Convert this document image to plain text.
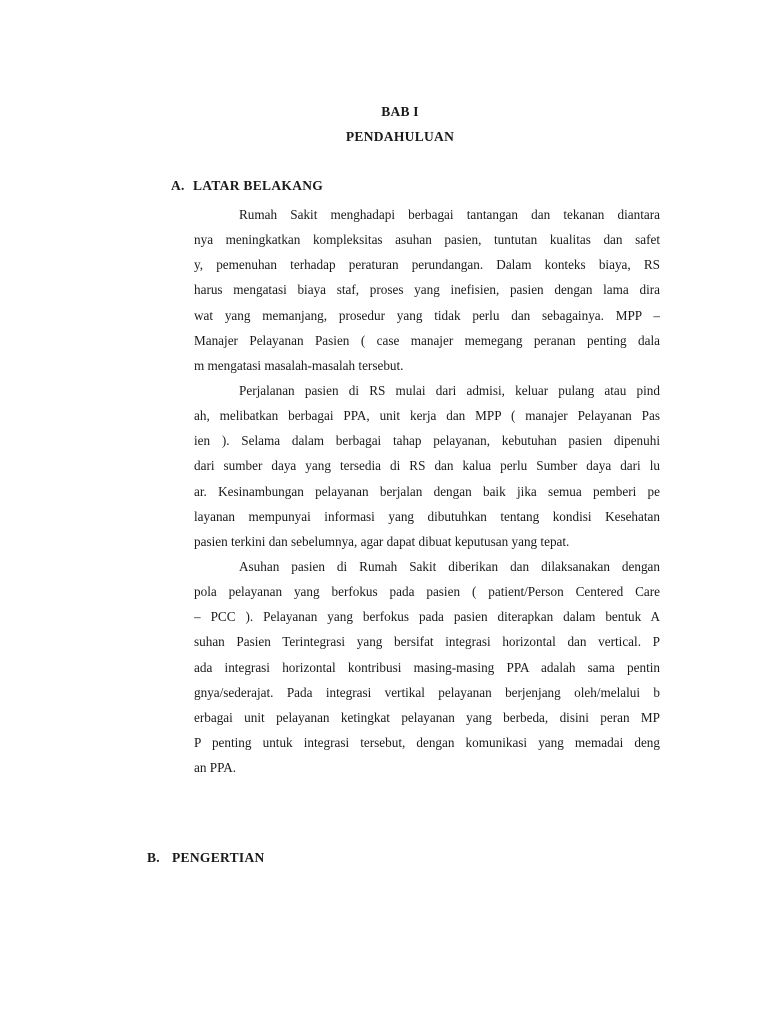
BAB I
PENDAHULUAN
A. LATAR BELAKANG
Rumah Sakit menghadapi berbagai tantangan dan tekanan diantara
nya meningkatkan kompleksitas asuhan pasien, tuntutan kualitas dan safet
y, pemenuhan terhadap peraturan perundangan. Dalam konteks biaya, RS
harus mengatasi biaya staf, proses yang inefisien, pasien dengan lama dira
wat yang memanjang, prosedur yang tidak perlu dan sebagainya. MPP –
Manajer Pelayanan Pasien ( case manajer memegang peranan penting dala
m mengatasi masalah-masalah tersebut.
Perjalanan pasien di RS mulai dari admisi, keluar pulang atau pind
ah, melibatkan berbagai PPA, unit kerja dan MPP ( manajer Pelayanan Pas
ien ). Selama dalam berbagai tahap pelayanan, kebutuhan pasien dipenuhi
dari sumber daya yang tersedia di RS dan kalua perlu Sumber daya dari lu
ar. Kesinambungan pelayanan berjalan dengan baik jika semua pemberi pe
layanan mempunyai informasi yang dibutuhkan tentang kondisi Kesehatan
pasien terkini dan sebelumnya, agar dapat dibuat keputusan yang tepat.
Asuhan pasien di Rumah Sakit diberikan dan dilaksanakan dengan
pola pelayanan yang berfokus pada pasien ( patient/Person Centered Care
– PCC ). Pelayanan yang berfokus pada pasien diterapkan dalam bentuk A
suhan Pasien Terintegrasi yang bersifat integrasi horizontal dan vertical. P
ada integrasi horizontal kontribusi masing-masing PPA adalah sama pentin
gnya/sederajat. Pada integrasi vertikal pelayanan berjenjang oleh/melalui b
erbagai unit pelayanan ketingkat pelayanan yang berbeda, disini peran MP
P penting untuk integrasi tersebut, dengan komunikasi yang memadai deng
an PPA.
B. PENGERTIAN
